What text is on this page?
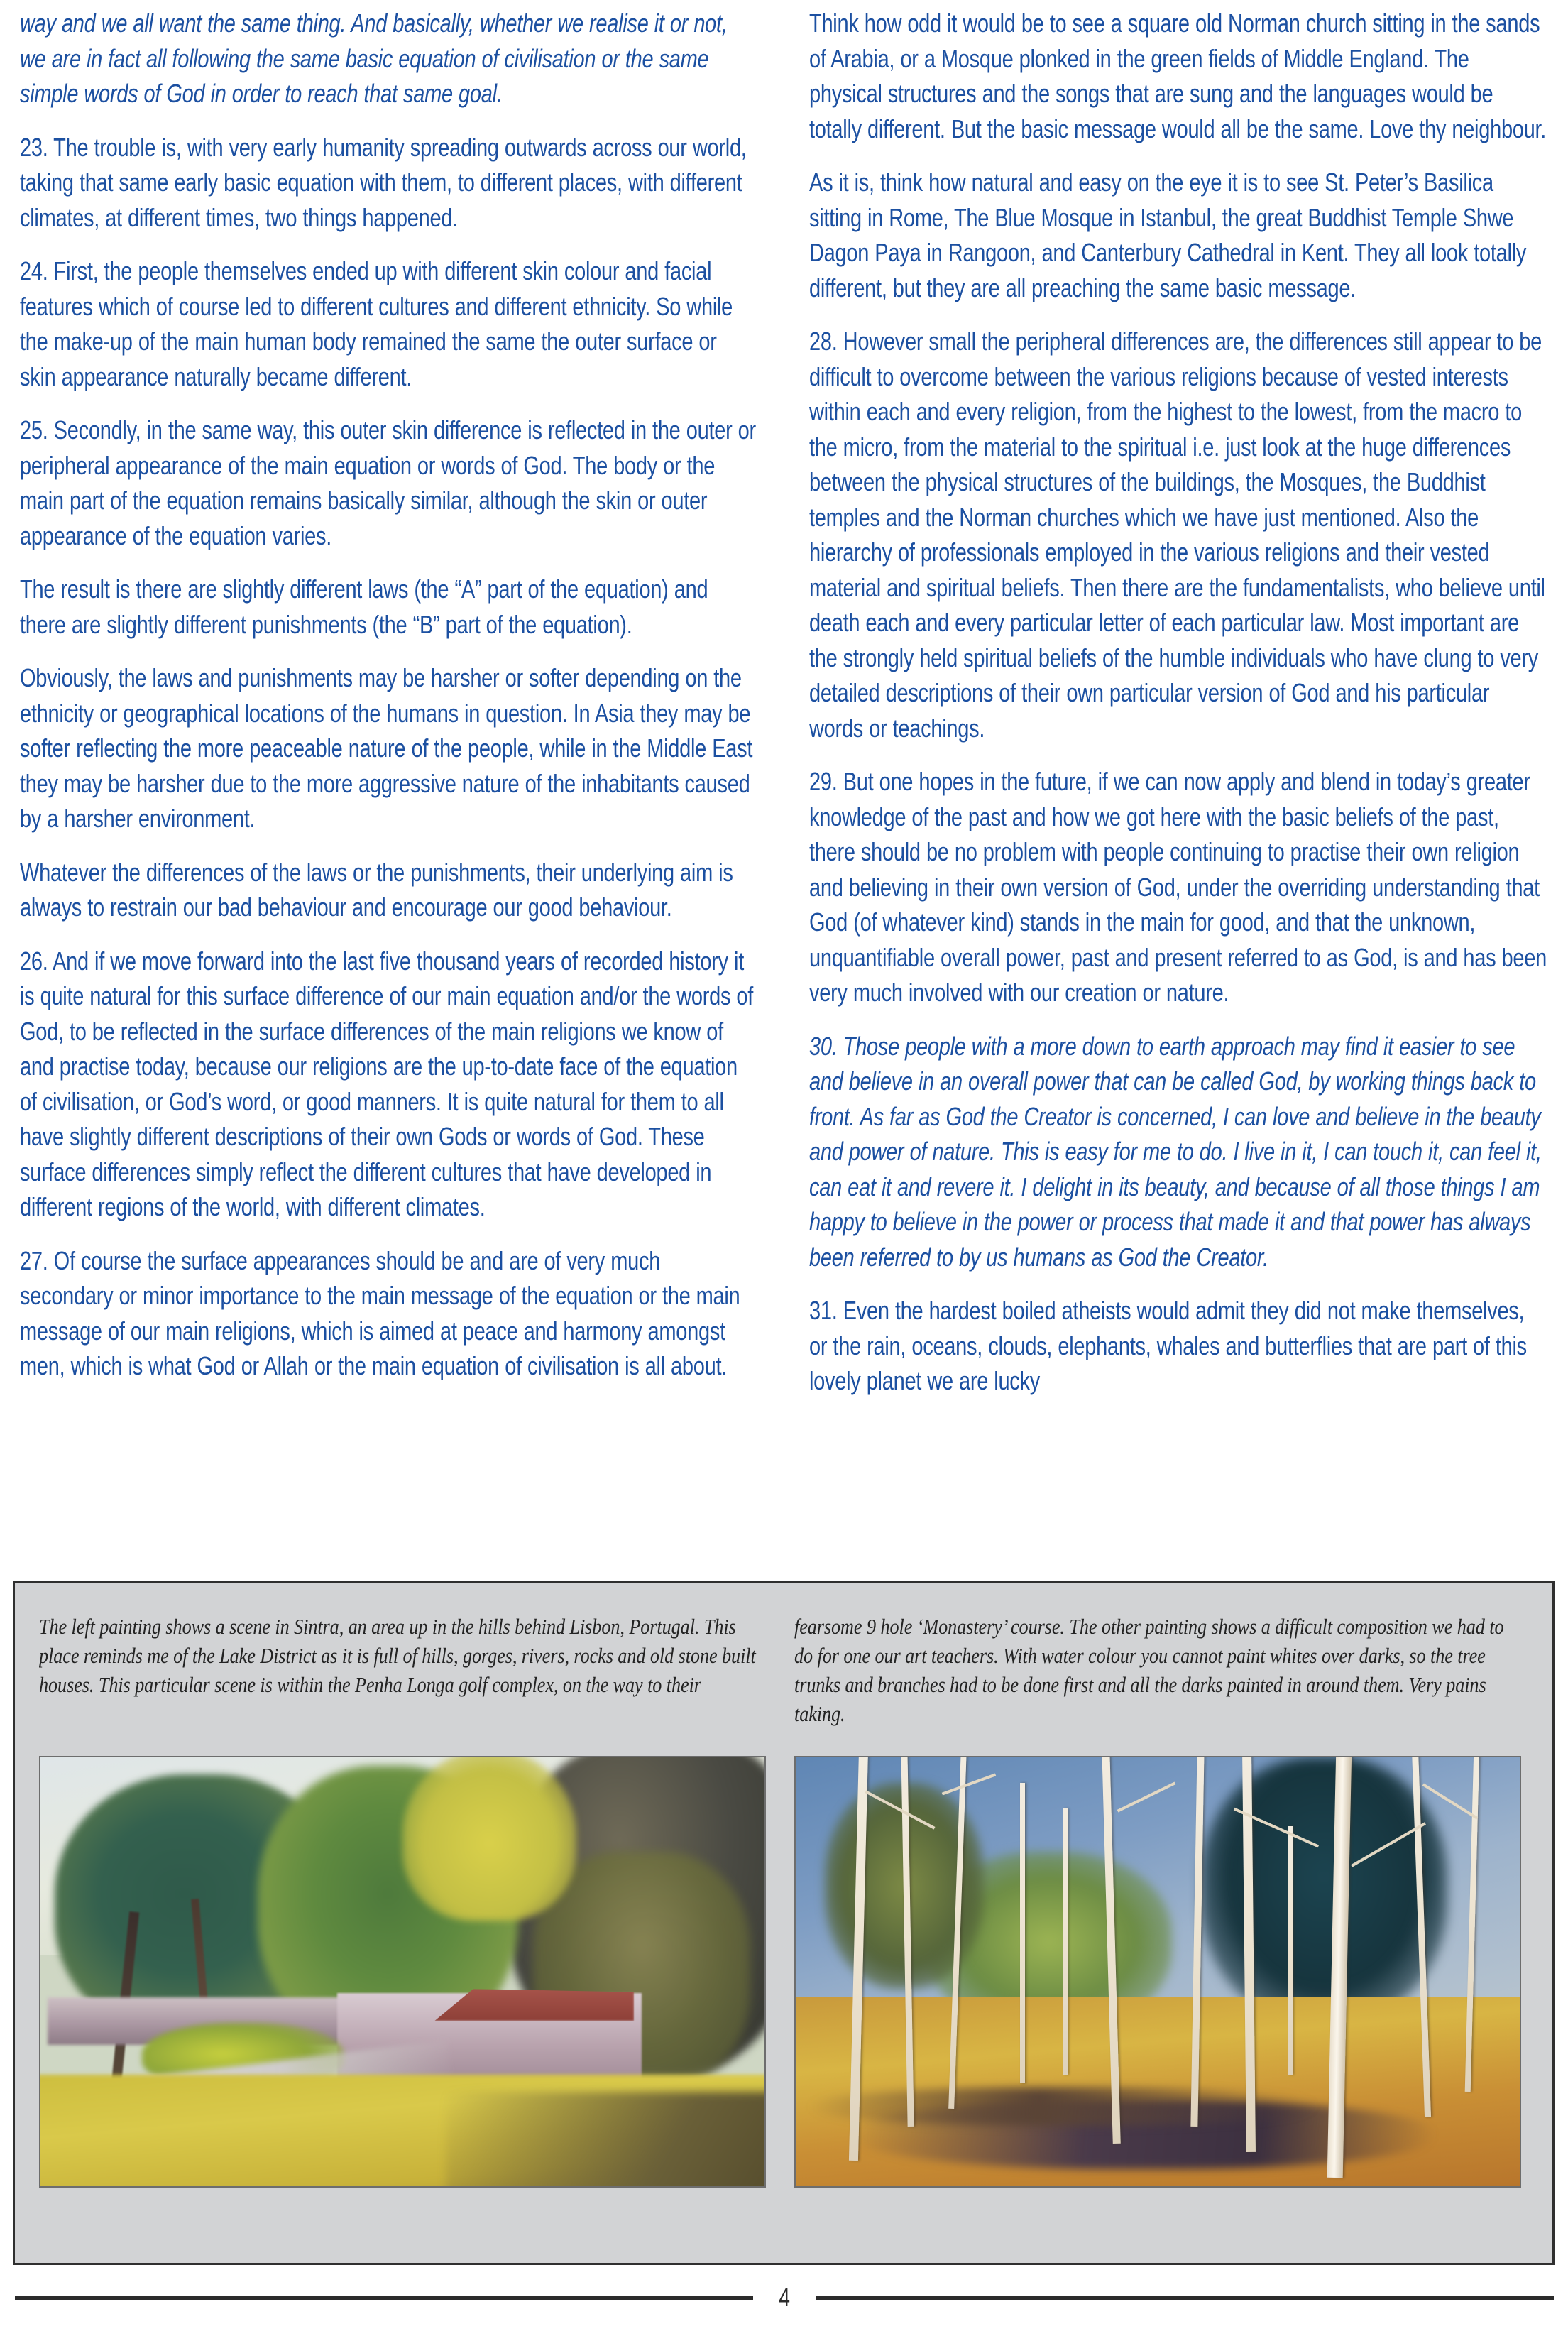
way and we all want the same thing. And basically, whether we realise it or not, we are in fact all following the same basic equation of civilisation or the same simple words of God in order to reach that same goal.

23. The trouble is, with very early humanity spreading outwards across our world, taking that same early basic equation with them, to different places, with different climates, at different times, two things happened.

24. First, the people themselves ended up with different skin colour and facial features which of course led to different cultures and different ethnicity. So while the make-up of the main human body remained the same the outer surface or skin appearance naturally became different.

25. Secondly, in the same way, this outer skin difference is reflected in the outer or peripheral appearance of the main equation or words of God. The body or the main part of the equation remains basically similar, although the skin or outer appearance of the equation varies.

The result is there are slightly different laws (the “A” part of the equation) and there are slightly different punishments (the “B” part of the equation).

Obviously, the laws and punishments may be harsher or softer depending on the ethnicity or geographical locations of the humans in question. In Asia they may be softer reflecting the more peaceable nature of the people, while in the Middle East they may be harsher due to the more aggressive nature of the inhabitants caused by a harsher environment.

Whatever the differences of the laws or the punishments, their underlying aim is always to restrain our bad behaviour and encourage our good behaviour.

26. And if we move forward into the last five thousand years of recorded history it is quite natural for this surface difference of our main equation and/or the words of God, to be reflected in the surface differences of the main religions we know of and practise today, because our religions are the up-to-date face of the equation of civilisation, or God’s word, or good manners. It is quite natural for them to all have slightly different descriptions of their own Gods or words of God. These surface differences simply reflect the different cultures that have developed in different regions of the world, with different climates.

27. Of course the surface appearances should be and are of very much secondary or minor importance to the main message of the equation or the main message of our main religions, which is aimed at peace and harmony amongst men, which is what God or Allah or the main equation of civilisation is all about.

Think how odd it would be to see a square old Norman church sitting in the sands of Arabia, or a Mosque plonked in the green fields of Middle England. The physical structures and the songs that are sung and the languages would be totally different. But the basic message would all be the same. Love thy neighbour.

As it is, think how natural and easy on the eye it is to see St. Peter’s Basilica sitting in Rome, The Blue Mosque in Istanbul, the great Buddhist Temple Shwe Dagon Paya in Rangoon, and Canterbury Cathedral in Kent. They all look totally different, but they are all preaching the same basic message.

28. However small the peripheral differences are, the differences still appear to be difficult to overcome between the various religions because of vested interests within each and every religion, from the highest to the lowest, from the macro to the micro, from the material to the spiritual i.e. just look at the huge differences between the physical structures of the buildings, the Mosques, the Buddhist temples and the Norman churches which we have just mentioned. Also the hierarchy of professionals employed in the various religions and their vested material and spiritual beliefs. Then there are the fundamentalists, who believe until death each and every particular letter of each particular law. Most important are the strongly held spiritual beliefs of the humble individuals who have clung to very detailed descriptions of their own particular version of God and his particular words or teachings.

29. But one hopes in the future, if we can now apply and blend in today’s greater knowledge of the past and how we got here with the basic beliefs of the past, there should be no problem with people continuing to practise their own religion and believing in their own version of God, under the overriding understanding that God (of whatever kind) stands in the main for good, and that the unknown, unquantifiable overall power, past and present referred to as God, is and has been very much involved with our creation or nature.

30. Those people with a more down to earth approach may find it easier to see and believe in an overall power that can be called God, by working things back to front. As far as God the Creator is concerned, I can love and believe in the beauty and power of nature. This is easy for me to do. I live in it, I can touch it, can feel it, can eat it and revere it. I delight in its beauty, and because of all those things I am happy to believe in the power or process that made it and that power has always been referred to by us humans as God the Creator.

31. Even the hardest boiled atheists would admit they did not make themselves, or the rain, oceans, clouds, elephants, whales and butterflies that are part of this lovely planet we are lucky

The left painting shows a scene in Sintra, an area up in the hills behind Lisbon, Portugal. This place reminds me of the Lake District as it is full of hills, gorges, rivers, rocks and old stone built houses. This particular scene is within the Penha Longa golf complex, on the way to their
fearsome 9 hole ‘Monastery’ course. The other painting shows a difficult composition we had to do for one our art teachers. With water colour you cannot paint whites over darks, so the tree trunks and branches had to be done first and all the darks painted in around them. Very pains taking.
4
